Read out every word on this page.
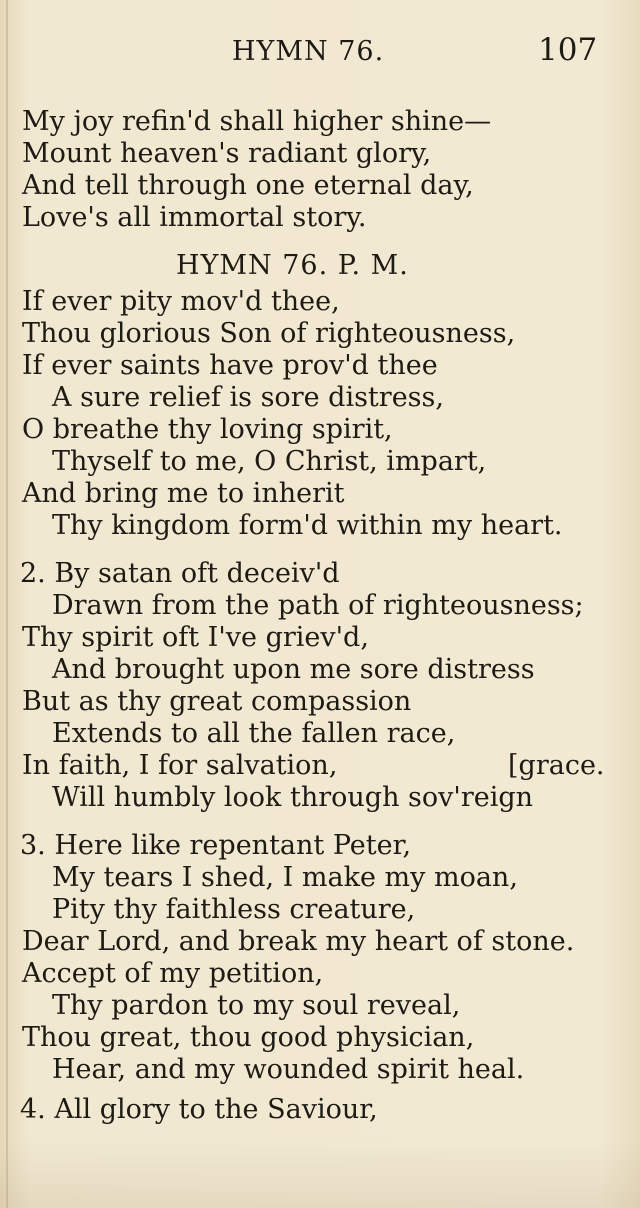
HYMN 76.	107
My joy refin'd shall higher shine—
Mount heaven's radiant glory,
And tell through one eternal day,
Love's all immortal story.
HYMN 76. P. M.
If ever pity mov'd thee,
Thou glorious Son of righteousness,
If ever saints have prov'd thee
A sure relief is sore distress,
O breathe thy loving spirit,
Thyself to me, O Christ, impart,
And bring me to inherit
Thy kingdom form'd within my heart.
2. By satan oft deceiv'd
Drawn from the path of righteousness;
Thy spirit oft I've griev'd,
And brought upon me sore distress
But as thy great compassion
Extends to all the fallen race,
In faith, I for salvation,	[grace.
Will humbly look through sov'reign
3. Here like repentant Peter,
My tears I shed, I make my moan,
Pity thy faithless creature,
Dear Lord, and break my heart of stone.
Accept of my petition,
Thy pardon to my soul reveal,
Thou great, thou good physician,
Hear, and my wounded spirit heal.
4. All glory to the Saviour,
